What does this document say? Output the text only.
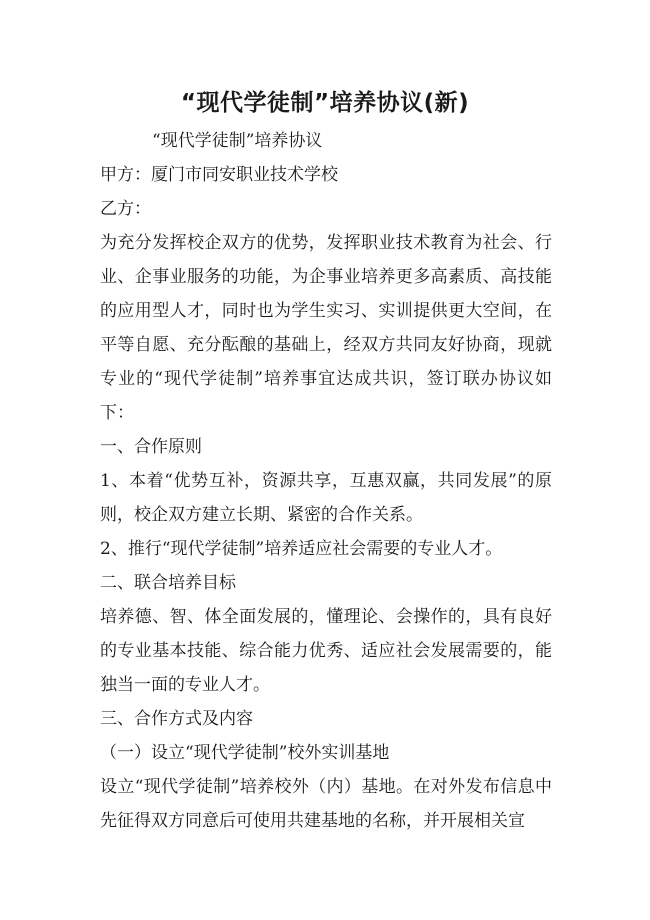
“现代学徒制”培养协议(新)

“现代学徒制”培养协议

甲方：厦门市同安职业技术学校

乙方：

为充分发挥校企双方的优势，发挥职业技术教育为社会、行业、企事业服务的功能，为企事业培养更多高素质、高技能的应用型人才，同时也为学生实习、实训提供更大空间，在平等自愿、充分酝酿的基础上，经双方共同友好协商，现就专业的“现代学徒制”培养事宜达成共识，签订联办协议如下：

一、合作原则

1、本着“优势互补，资源共享，互惠双赢，共同发展”的原则，校企双方建立长期、紧密的合作关系。

2、推行“现代学徒制”培养适应社会需要的专业人才。

二、联合培养目标

培养德、智、体全面发展的，懂理论、会操作的，具有良好的专业基本技能、综合能力优秀、适应社会发展需要的，能独当一面的专业人才。

三、合作方式及内容

（一）设立“现代学徒制”校外实训基地

设立“现代学徒制”培养校外（内）基地。在对外发布信息中先征得双方同意后可使用共建基地的名称，并开展相关宣
